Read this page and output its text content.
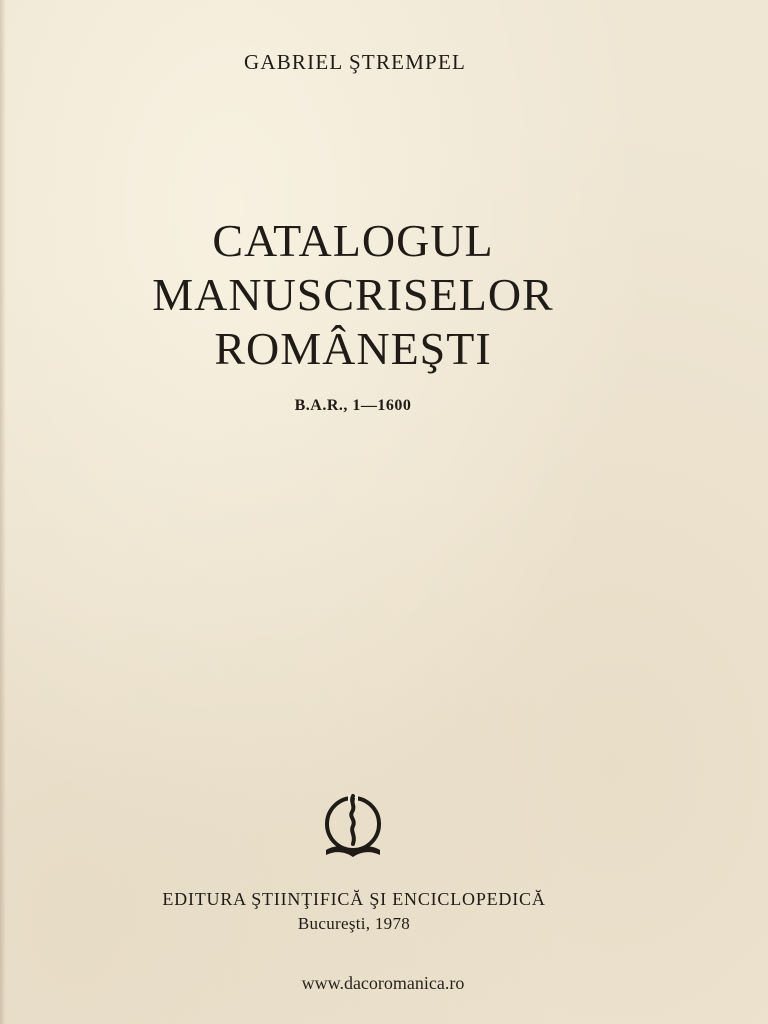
GABRIEL ŞTREMPEL
CATALOGUL
MANUSCRISELOR
ROMÂNEŞTI
B.A.R., 1—1600
EDITURA ŞTIINŢIFICĂ ŞI ENCICLOPEDICĂ
Bucureşti, 1978
www.dacoromanica.ro
